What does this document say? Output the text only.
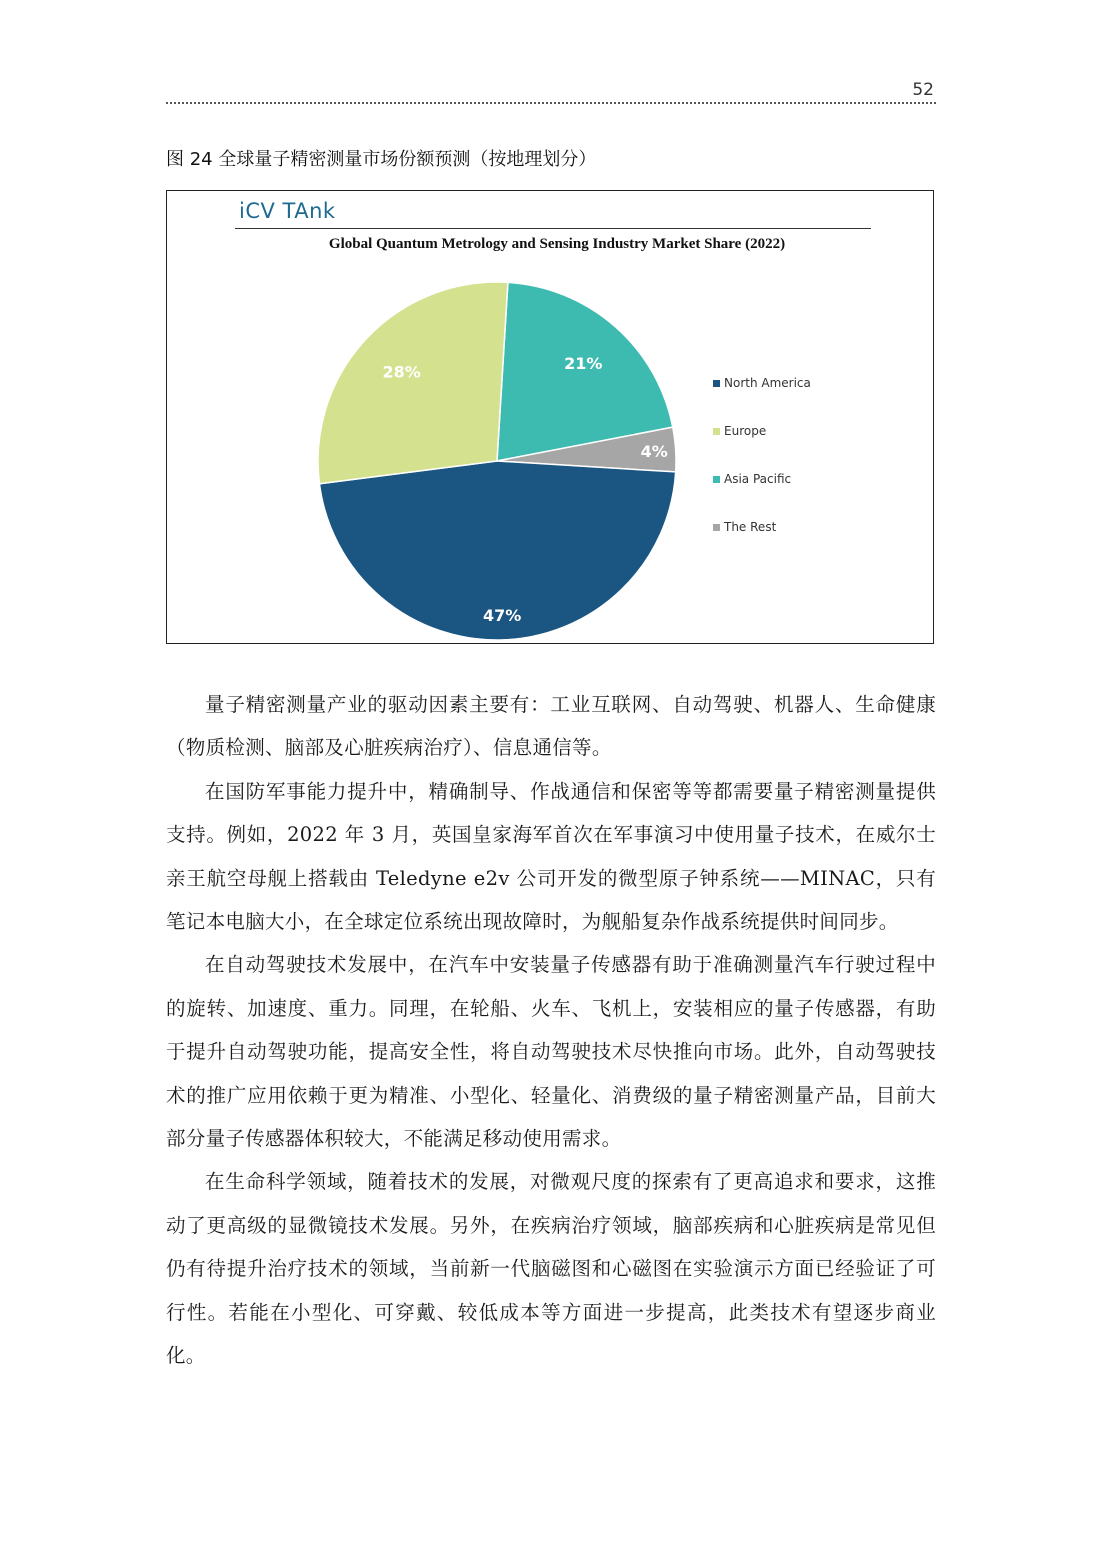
52
图 24 全球量子精密测量市场份额预测（按地理划分）
iCV TAnk
Global Quantum Metrology and Sensing Industry Market Share (2022)
21%
4%
47%
28%
North America
Europe
Asia Pacific
The Rest

量子精密测量产业的驱动因素主要有：工业互联网、自动驾驶、机器人、生命健康（物质检测、脑部及心脏疾病治疗）、信息通信等。

在国防军事能力提升中，精确制导、作战通信和保密等等都需要量子精密测量提供支持。例如，2022 年 3 月，英国皇家海军首次在军事演习中使用量子技术，在威尔士亲王航空母舰上搭载由 Teledyne e2v 公司开发的微型原子钟系统——MINAC，只有笔记本电脑大小，在全球定位系统出现故障时，为舰船复杂作战系统提供时间同步。

在自动驾驶技术发展中，在汽车中安装量子传感器有助于准确测量汽车行驶过程中的旋转、加速度、重力。同理，在轮船、火车、飞机上，安装相应的量子传感器，有助于提升自动驾驶功能，提高安全性，将自动驾驶技术尽快推向市场。此外，自动驾驶技术的推广应用依赖于更为精准、小型化、轻量化、消费级的量子精密测量产品，目前大部分量子传感器体积较大，不能满足移动使用需求。

在生命科学领域，随着技术的发展，对微观尺度的探索有了更高追求和要求，这推动了更高级的显微镜技术发展。另外，在疾病治疗领域，脑部疾病和心脏疾病是常见但仍有待提升治疗技术的领域，当前新一代脑磁图和心磁图在实验演示方面已经验证了可行性。若能在小型化、可穿戴、较低成本等方面进一步提高，此类技术有望逐步商业化。
